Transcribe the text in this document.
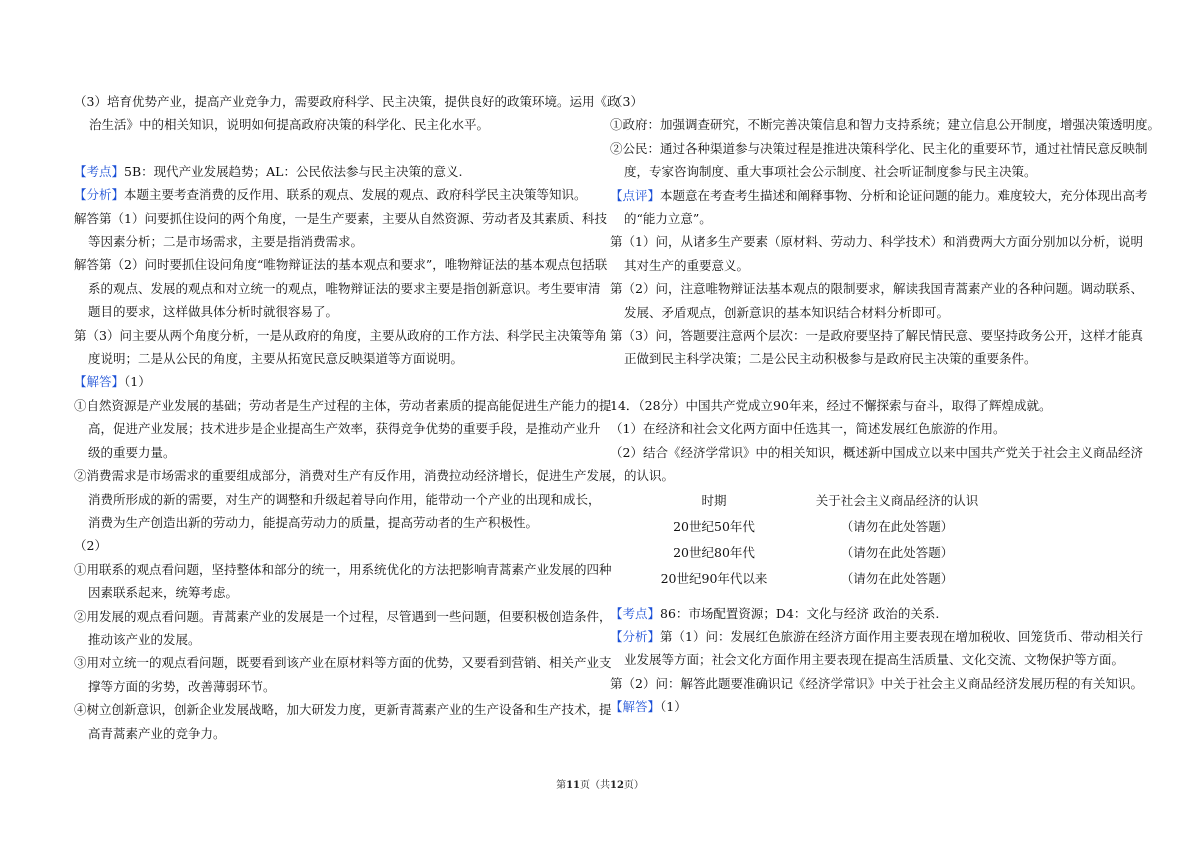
（3）培育优势产业，提高产业竞争力，需要政府科学、民主决策，提供良好的政策环境。运用《政
治生活》中的相关知识，说明如何提高政府决策的科学化、民主化水平。
【考点】5B：现代产业发展趋势；AL：公民依法参与民主决策的意义.
【分析】本题主要考查消费的反作用、联系的观点、发展的观点、政府科学民主决策等知识。
解答第（1）问要抓住设问的两个角度，一是生产要素，主要从自然资源、劳动者及其素质、科技
等因素分析；二是市场需求，主要是指消费需求。
解答第（2）问时要抓住设问角度“唯物辩证法的基本观点和要求”，唯物辩证法的基本观点包括联
系的观点、发展的观点和对立统一的观点，唯物辩证法的要求主要是指创新意识。考生要审清
题目的要求，这样做具体分析时就很容易了。
第（3）问主要从两个角度分析，一是从政府的角度，主要从政府的工作方法、科学民主决策等角
度说明；二是从公民的角度，主要从拓宽民意反映渠道等方面说明。
【解答】（1）
①自然资源是产业发展的基础；劳动者是生产过程的主体，劳动者素质的提高能促进生产能力的提
高，促进产业发展；技术进步是企业提高生产效率，获得竞争优势的重要手段，是推动产业升
级的重要力量。
②消费需求是市场需求的重要组成部分，消费对生产有反作用，消费拉动经济增长，促进生产发展，
消费所形成的新的需要，对生产的调整和升级起着导向作用，能带动一个产业的出现和成长，
消费为生产创造出新的劳动力，能提高劳动力的质量，提高劳动者的生产积极性。
（2）
①用联系的观点看问题，坚持整体和部分的统一，用系统优化的方法把影响青蒿素产业发展的四种
因素联系起来，统筹考虑。
②用发展的观点看问题。青蒿素产业的发展是一个过程，尽管遇到一些问题，但要积极创造条件，
推动该产业的发展。
③用对立统一的观点看问题，既要看到该产业在原材料等方面的优势，又要看到营销、相关产业支
撑等方面的劣势，改善薄弱环节。
④树立创新意识，创新企业发展战略，加大研发力度，更新青蒿素产业的生产设备和生产技术，提
高青蒿素产业的竞争力。
（3）
①政府：加强调查研究，不断完善决策信息和智力支持系统；建立信息公开制度，增强决策透明度。
②公民：通过各种渠道参与决策过程是推进决策科学化、民主化的重要环节，通过社情民意反映制
度，专家咨询制度、重大事项社会公示制度、社会听证制度参与民主决策。
【点评】本题意在考查考生描述和阐释事物、分析和论证问题的能力。难度较大，充分体现出高考
的“能力立意”。
第（1）问，从诸多生产要素（原材料、劳动力、科学技术）和消费两大方面分别加以分析，说明
其对生产的重要意义。
第（2）问，注意唯物辩证法基本观点的限制要求，解读我国青蒿素产业的各种问题。调动联系、
发展、矛盾观点，创新意识的基本知识结合材料分析即可。
第（3）问，答题要注意两个层次：一是政府要坚持了解民情民意、要坚持政务公开，这样才能真
正做到民主科学决策；二是公民主动积极参与是政府民主决策的重要条件。
14．（28分）中国共产党成立90年来，经过不懈探索与奋斗，取得了辉煌成就。
（1）在经济和社会文化两方面中任选其一，简述发展红色旅游的作用。
（2）结合《经济学常识》中的相关知识，概述新中国成立以来中国共产党关于社会主义商品经济
的认识。
时期	关于社会主义商品经济的认识
20世纪50年代	（请勿在此处答题）
20世纪80年代	（请勿在此处答题）
20世纪90年代以来	（请勿在此处答题）
【考点】86：市场配置资源；D4：文化与经济 政治的关系.
【分析】第（1）问：发展红色旅游在经济方面作用主要表现在增加税收、回笼货币、带动相关行
业发展等方面；社会文化方面作用主要表现在提高生活质量、文化交流、文物保护等方面。
第（2）问：解答此题要准确识记《经济学常识》中关于社会主义商品经济发展历程的有关知识。
【解答】（1）
第11页（共12页）
